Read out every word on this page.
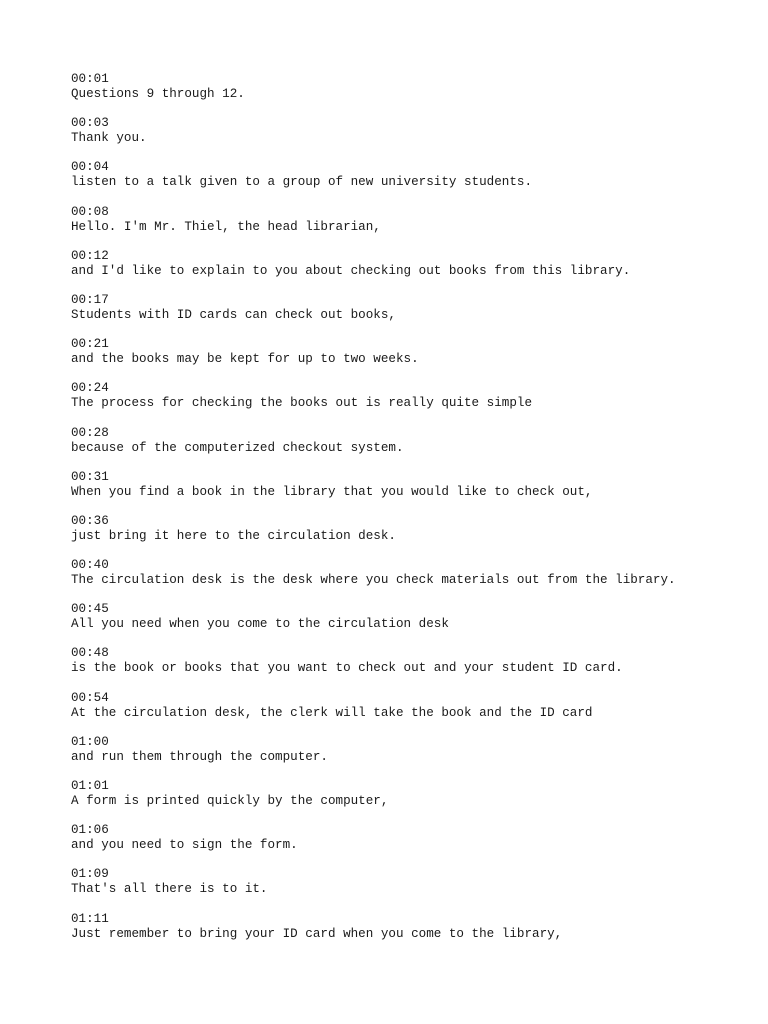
00:01
Questions 9 through 12.
00:03
Thank you.
00:04
listen to a talk given to a group of new university students.
00:08
Hello. I'm Mr. Thiel, the head librarian,
00:12
and I'd like to explain to you about checking out books from this library.
00:17
Students with ID cards can check out books,
00:21
and the books may be kept for up to two weeks.
00:24
The process for checking the books out is really quite simple
00:28
because of the computerized checkout system.
00:31
When you find a book in the library that you would like to check out,
00:36
just bring it here to the circulation desk.
00:40
The circulation desk is the desk where you check materials out from the library.
00:45
All you need when you come to the circulation desk
00:48
is the book or books that you want to check out and your student ID card.
00:54
At the circulation desk, the clerk will take the book and the ID card
01:00
and run them through the computer.
01:01
A form is printed quickly by the computer,
01:06
and you need to sign the form.
01:09
That's all there is to it.
01:11
Just remember to bring your ID card when you come to the library,
